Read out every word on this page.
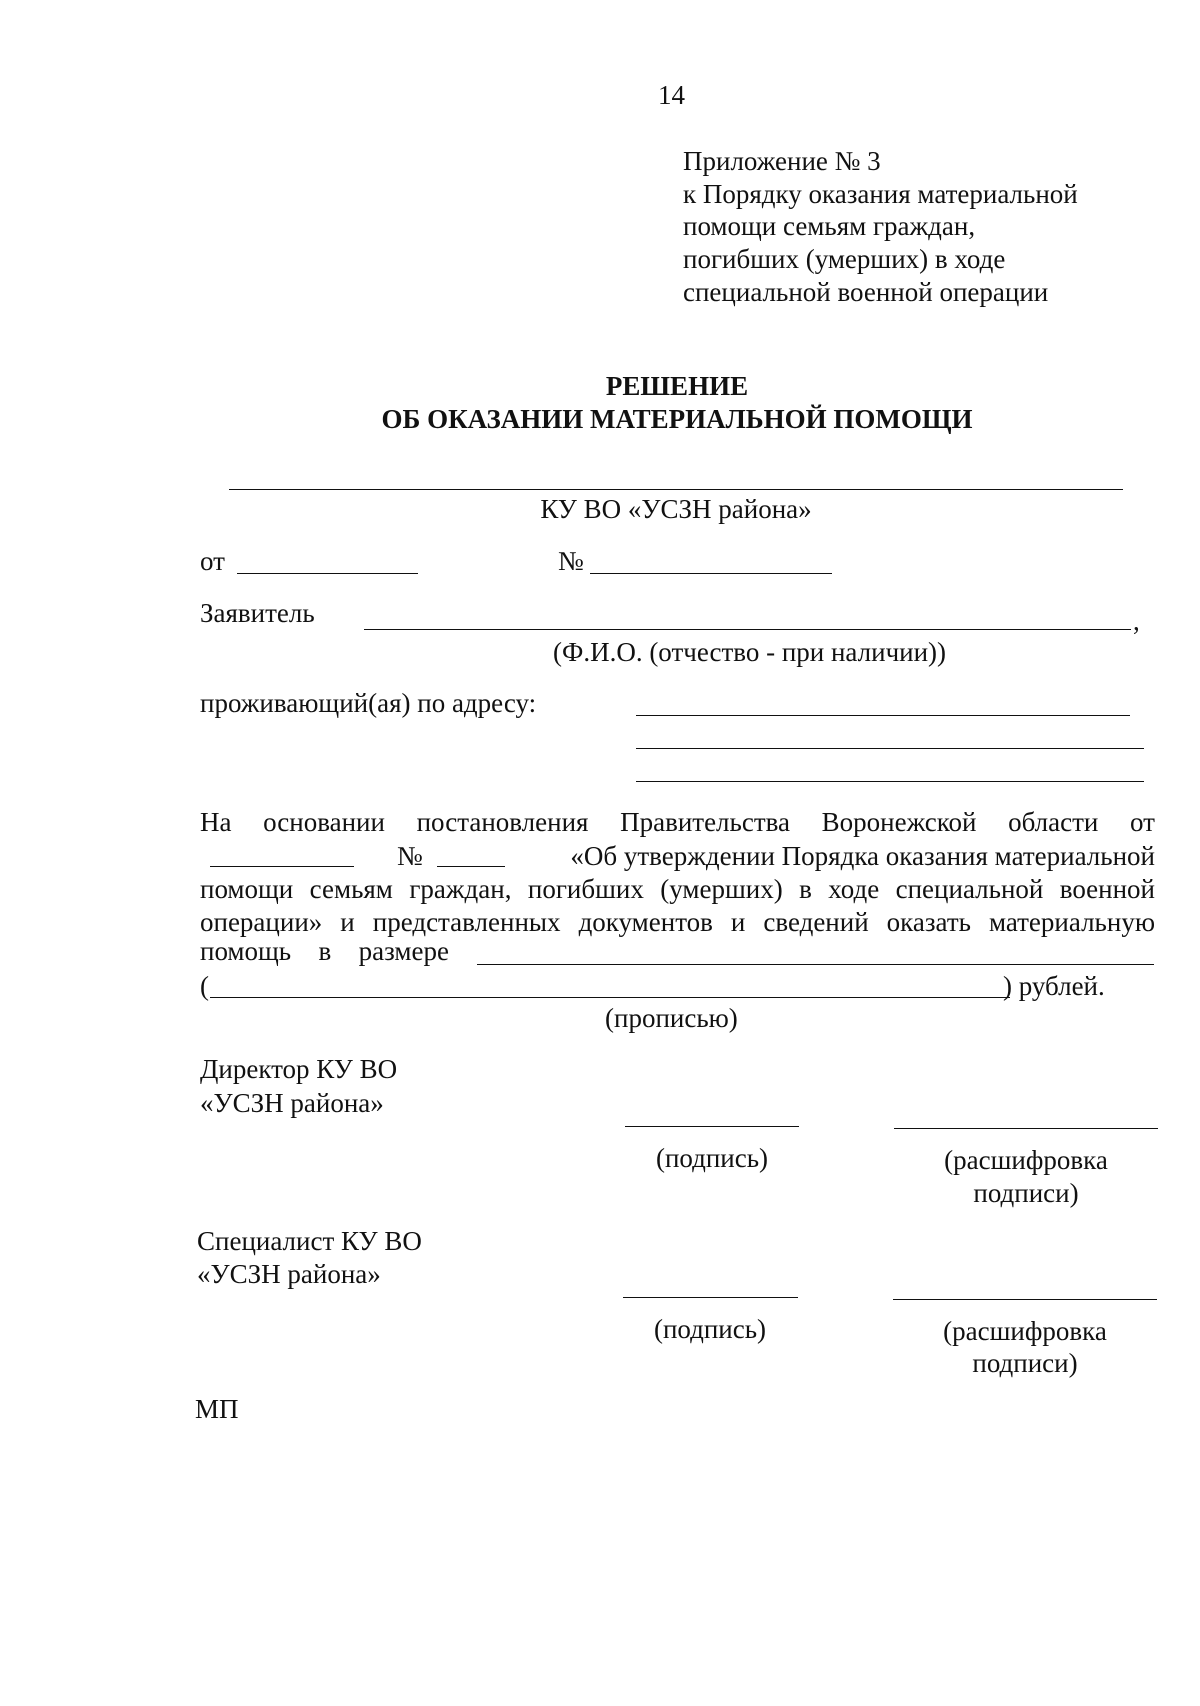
14
Приложение № 3
к Порядку оказания материальной
помощи семьям граждан,
погибших (умерших) в ходе
специальной военной операции
РЕШЕНИЕ
ОБ ОКАЗАНИИ МАТЕРИАЛЬНОЙ ПОМОЩИ
КУ ВО «УСЗН района»
от	№
Заявитель	,
(Ф.И.О. (отчество - при наличии))
проживающий(ая) по адресу:
На основании постановления Правительства Воронежской области от
№	«Об утверждении Порядка оказания материальной
помощи семьям граждан, погибших (умерших) в ходе специальной военной
операции» и представленных документов и сведений оказать материальную
помощь в размере
(	) рублей.
(прописью)
Директор КУ ВО
«УСЗН района»
(подпись)	(расшифровка
подписи)
Специалист КУ ВО
«УСЗН района»
(подпись)	(расшифровка
подписи)
МП
